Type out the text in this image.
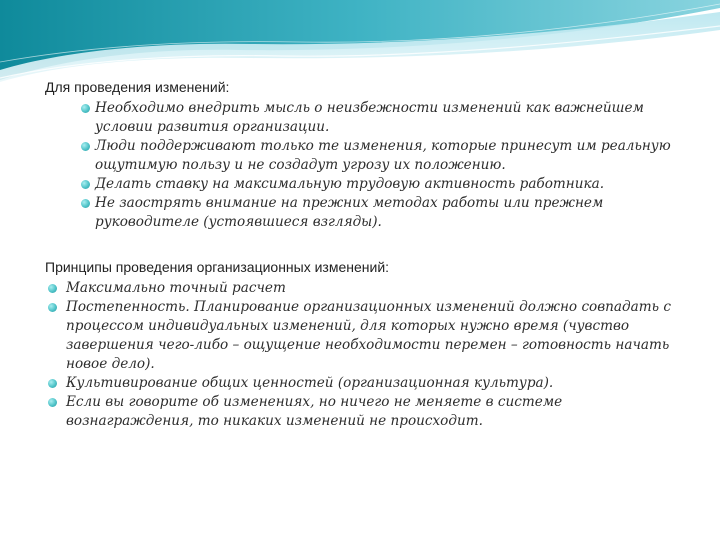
Для проведения изменений:

Необходимо внедрить мысль о неизбежности изменений как важнейшем условии развития организации.
Люди поддерживают только те изменения, которые принесут им реальную ощутимую пользу и не создадут угрозу их положению.
Делать ставку на максимальную трудовую активность работника.
Не заострять внимание на прежних методах работы или прежнем руководителе (устоявшиеся взгляды).

Принципы проведения организационных изменений:

Максимально точный расчет
Постепенность. Планирование организационных изменений должно совпадать с процессом индивидуальных изменений, для которых нужно время (чувство завершения чего-либо – ощущение необходимости перемен – готовность начать новое дело).
Культивирование общих ценностей (организационная культура).
Если вы говорите об изменениях, но ничего не меняете в системе вознаграждения, то никаких изменений не происходит.
